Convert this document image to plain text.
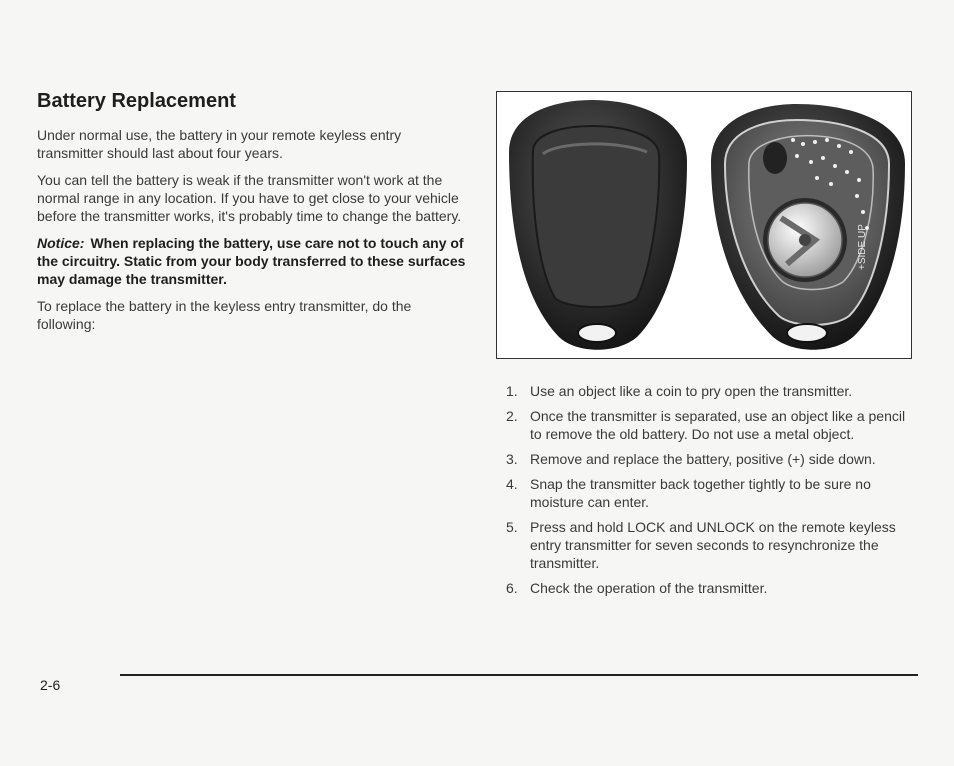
Battery Replacement

Under normal use, the battery in your remote keyless entry transmitter should last about four years.

You can tell the battery is weak if the transmitter won't work at the normal range in any location. If you have to get close to your vehicle before the transmitter works, it's probably time to change the battery.

Notice: When replacing the battery, use care not to touch any of the circuitry. Static from your body transferred to these surfaces may damage the transmitter.

To replace the battery in the keyless entry transmitter, do the following:

+SIDE UP
1. Use an object like a coin to pry open the transmitter.
2. Once the transmitter is separated, use an object like a pencil to remove the old battery. Do not use a metal object.
3. Remove and replace the battery, positive (+) side down.
4. Snap the transmitter back together tightly to be sure no moisture can enter.
5. Press and hold LOCK and UNLOCK on the remote keyless entry transmitter for seven seconds to resynchronize the transmitter.
6. Check the operation of the transmitter.
2-6
